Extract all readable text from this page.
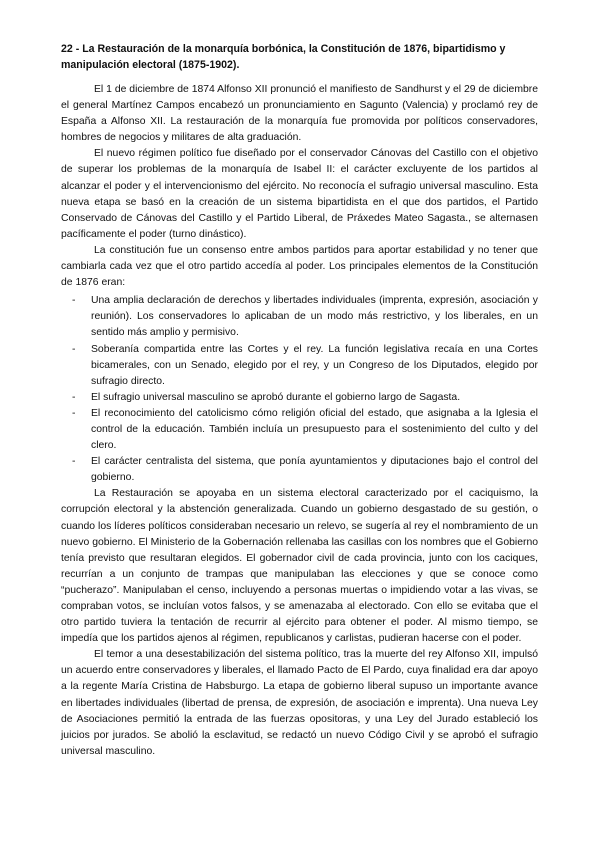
22 - La Restauración de la monarquía borbónica, la Constitución de 1876, bipartidismo y manipulación electoral (1875-1902).

El 1 de diciembre de 1874 Alfonso XII pronunció el manifiesto de Sandhurst y el 29 de diciembre el general Martínez Campos encabezó un pronunciamiento en Sagunto (Valencia) y proclamó rey de España a Alfonso XII. La restauración de la monarquía fue promovida por políticos conservadores, hombres de negocios y militares de alta graduación.

El nuevo régimen político fue diseñado por el conservador Cánovas del Castillo con el objetivo de superar los problemas de la monarquía de Isabel II: el carácter excluyente de los partidos al alcanzar el poder y el intervencionismo del ejército. No reconocía el sufragio universal masculino. Esta nueva etapa se basó en la creación de un sistema bipartidista en el que dos partidos, el Partido Conservado de Cánovas del Castillo y el Partido Liberal, de Práxedes Mateo Sagasta., se alternasen pacíficamente el poder (turno dinástico).

La constitución fue un consenso entre ambos partidos para aportar estabilidad y no tener que cambiarla cada vez que el otro partido accedía al poder. Los principales elementos de la Constitución de 1876 eran:

- Una amplia declaración de derechos y libertades individuales (imprenta, expresión, asociación y reunión). Los conservadores lo aplicaban de un modo más restrictivo, y los liberales, en un sentido más amplio y permisivo.
- Soberanía compartida entre las Cortes y el rey. La función legislativa recaía en una Cortes bicamerales, con un Senado, elegido por el rey, y un Congreso de los Diputados, elegido por sufragio directo.
- El sufragio universal masculino se aprobó durante el gobierno largo de Sagasta.
- El reconocimiento del catolicismo cómo religión oficial del estado, que asignaba a la Iglesia el control de la educación. También incluía un presupuesto para el sostenimiento del culto y del clero.
- El carácter centralista del sistema, que ponía ayuntamientos y diputaciones bajo el control del gobierno.

La Restauración se apoyaba en un sistema electoral caracterizado por el caciquismo, la corrupción electoral y la abstención generalizada. Cuando un gobierno desgastado de su gestión, o cuando los líderes políticos consideraban necesario un relevo, se sugería al rey el nombramiento de un nuevo gobierno. El Ministerio de la Gobernación rellenaba las casillas con los nombres que el Gobierno tenía previsto que resultaran elegidos. El gobernador civil de cada provincia, junto con los caciques, recurrían a un conjunto de trampas que manipulaban las elecciones y que se conoce como “pucherazo”. Manipulaban el censo, incluyendo a personas muertas o impidiendo votar a las vivas, se compraban votos, se incluían votos falsos, y se amenazaba al electorado. Con ello se evitaba que el otro partido tuviera la tentación de recurrir al ejército para obtener el poder. Al mismo tiempo, se impedía que los partidos ajenos al régimen, republicanos y carlistas, pudieran hacerse con el poder.

El temor a una desestabilización del sistema político, tras la muerte del rey Alfonso XII, impulsó un acuerdo entre conservadores y liberales, el llamado Pacto de El Pardo, cuya finalidad era dar apoyo a la regente María Cristina de Habsburgo. La etapa de gobierno liberal supuso un importante avance en libertades individuales (libertad de prensa, de expresión, de asociación e imprenta). Una nueva Ley de Asociaciones permitió la entrada de las fuerzas opositoras, y una Ley del Jurado estableció los juicios por jurados. Se abolió la esclavitud, se redactó un nuevo Código Civil y se aprobó el sufragio universal masculino.
